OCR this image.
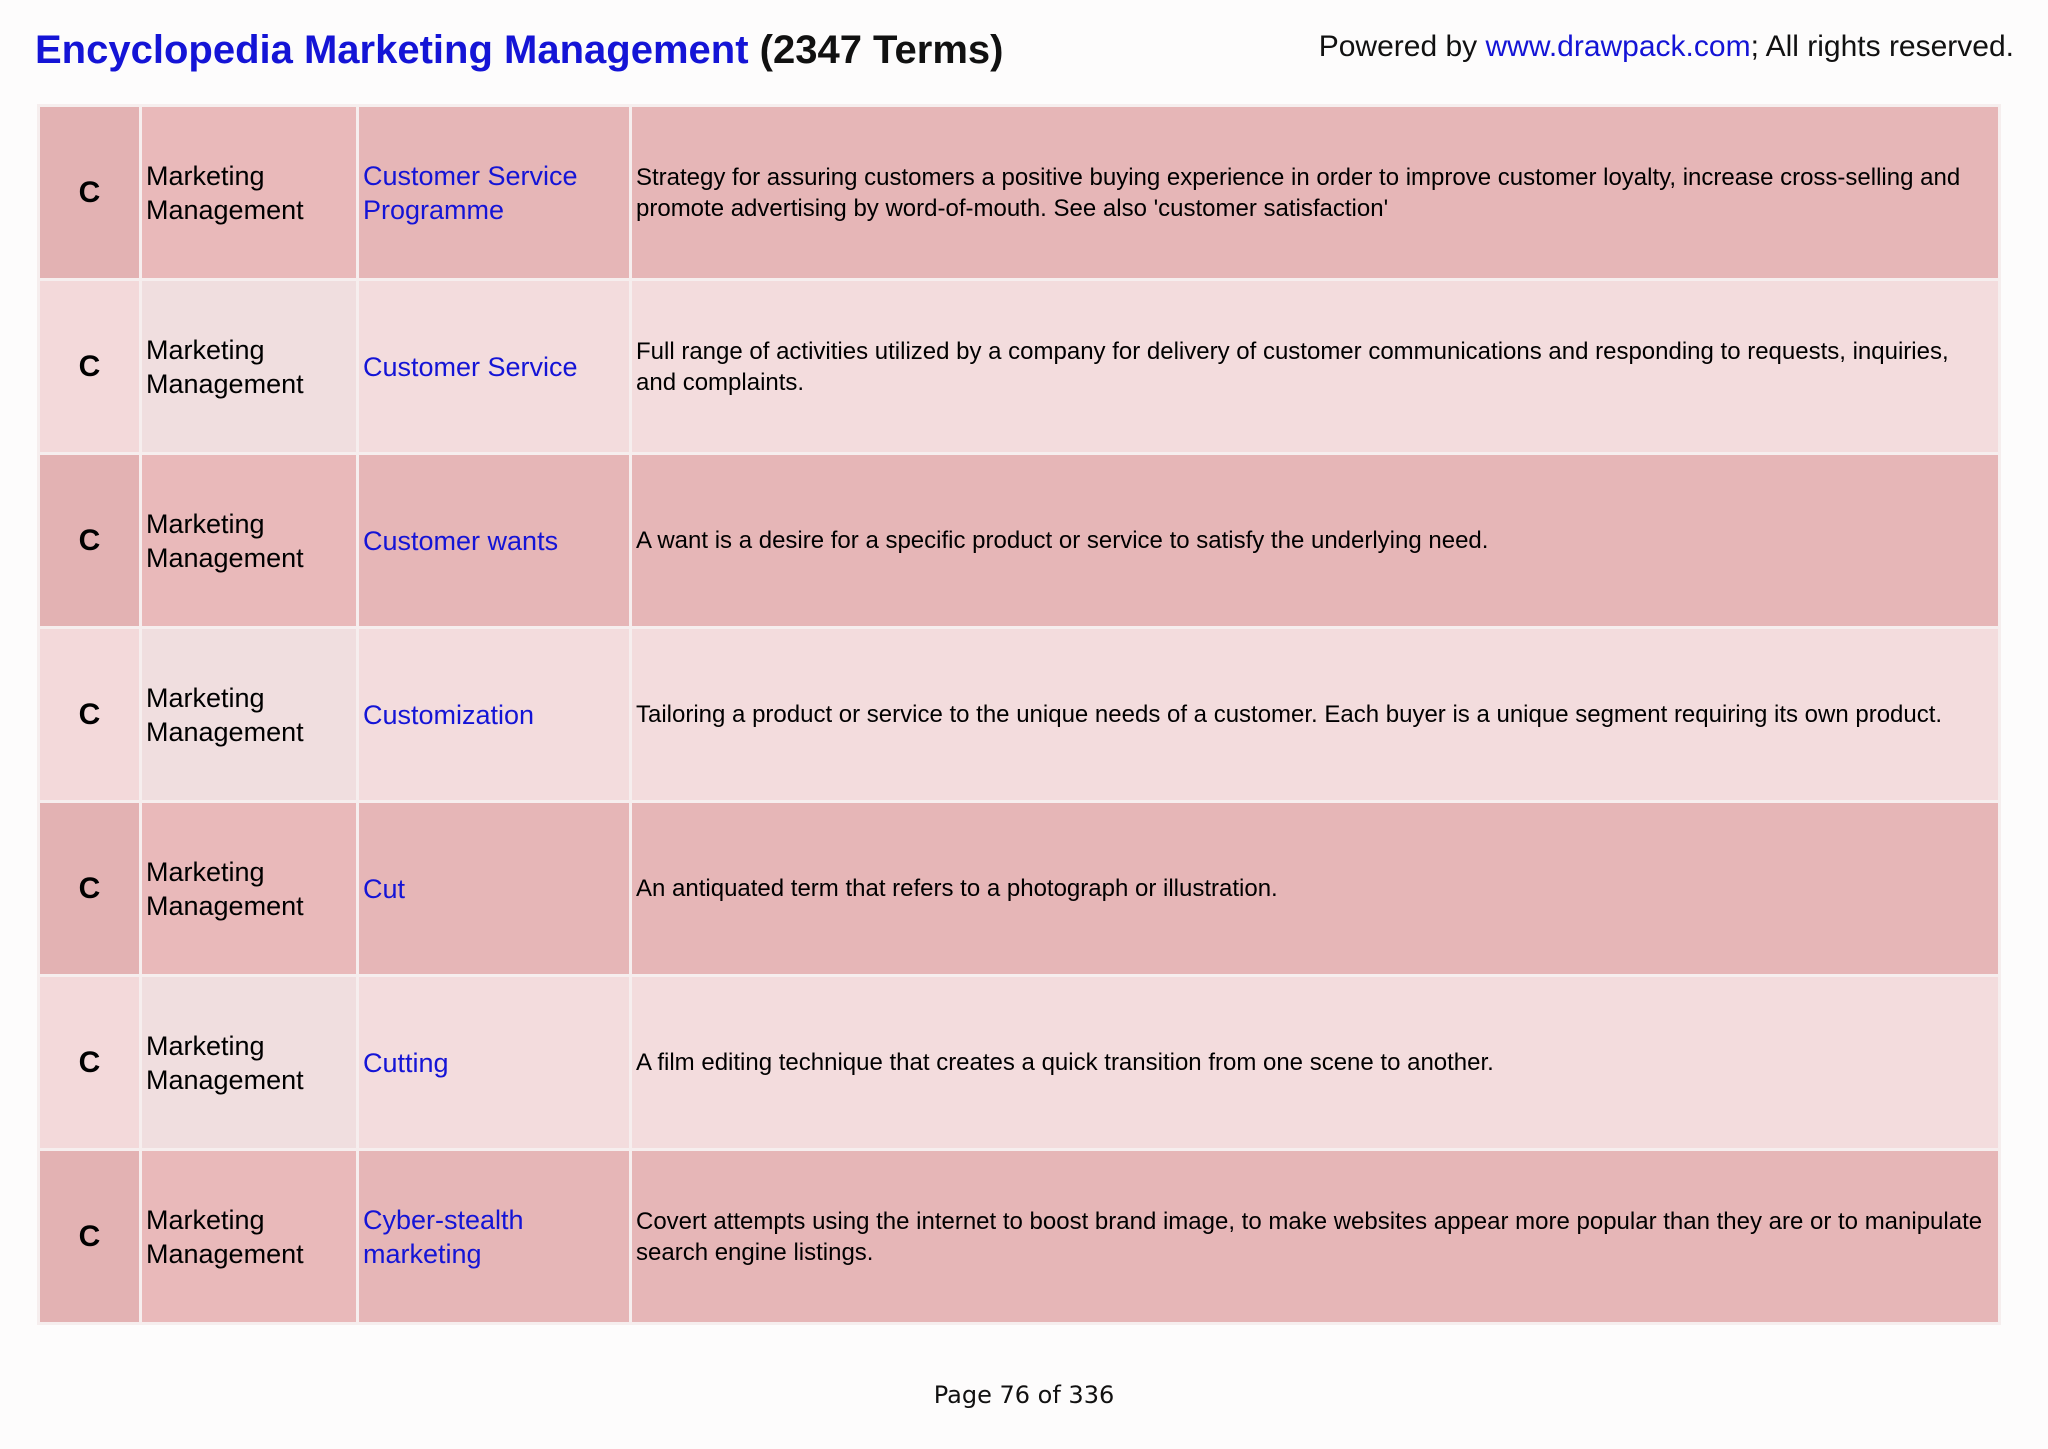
Encyclopedia Marketing Management (2347 Terms)	Powered by www.drawpack.com; All rights reserved.
C	Marketing Management	Customer Service Programme	Strategy for assuring customers a positive buying experience in order to improve customer loyalty, increase cross-selling and promote advertising by word-of-mouth. See also 'customer satisfaction'
C	Marketing Management	Customer Service	Full range of activities utilized by a company for delivery of customer communications and responding to requests, inquiries, and complaints.
C	Marketing Management	Customer wants	A want is a desire for a specific product or service to satisfy the underlying need.
C	Marketing Management	Customization	Tailoring a product or service to the unique needs of a customer. Each buyer is a unique segment requiring its own product.
C	Marketing Management	Cut	An antiquated term that refers to a photograph or illustration.
C	Marketing Management	Cutting	A film editing technique that creates a quick transition from one scene to another.
C	Marketing Management	Cyber-stealth marketing	Covert attempts using the internet to boost brand image, to make websites appear more popular than they are or to manipulate search engine listings.
Page 76 of 336
